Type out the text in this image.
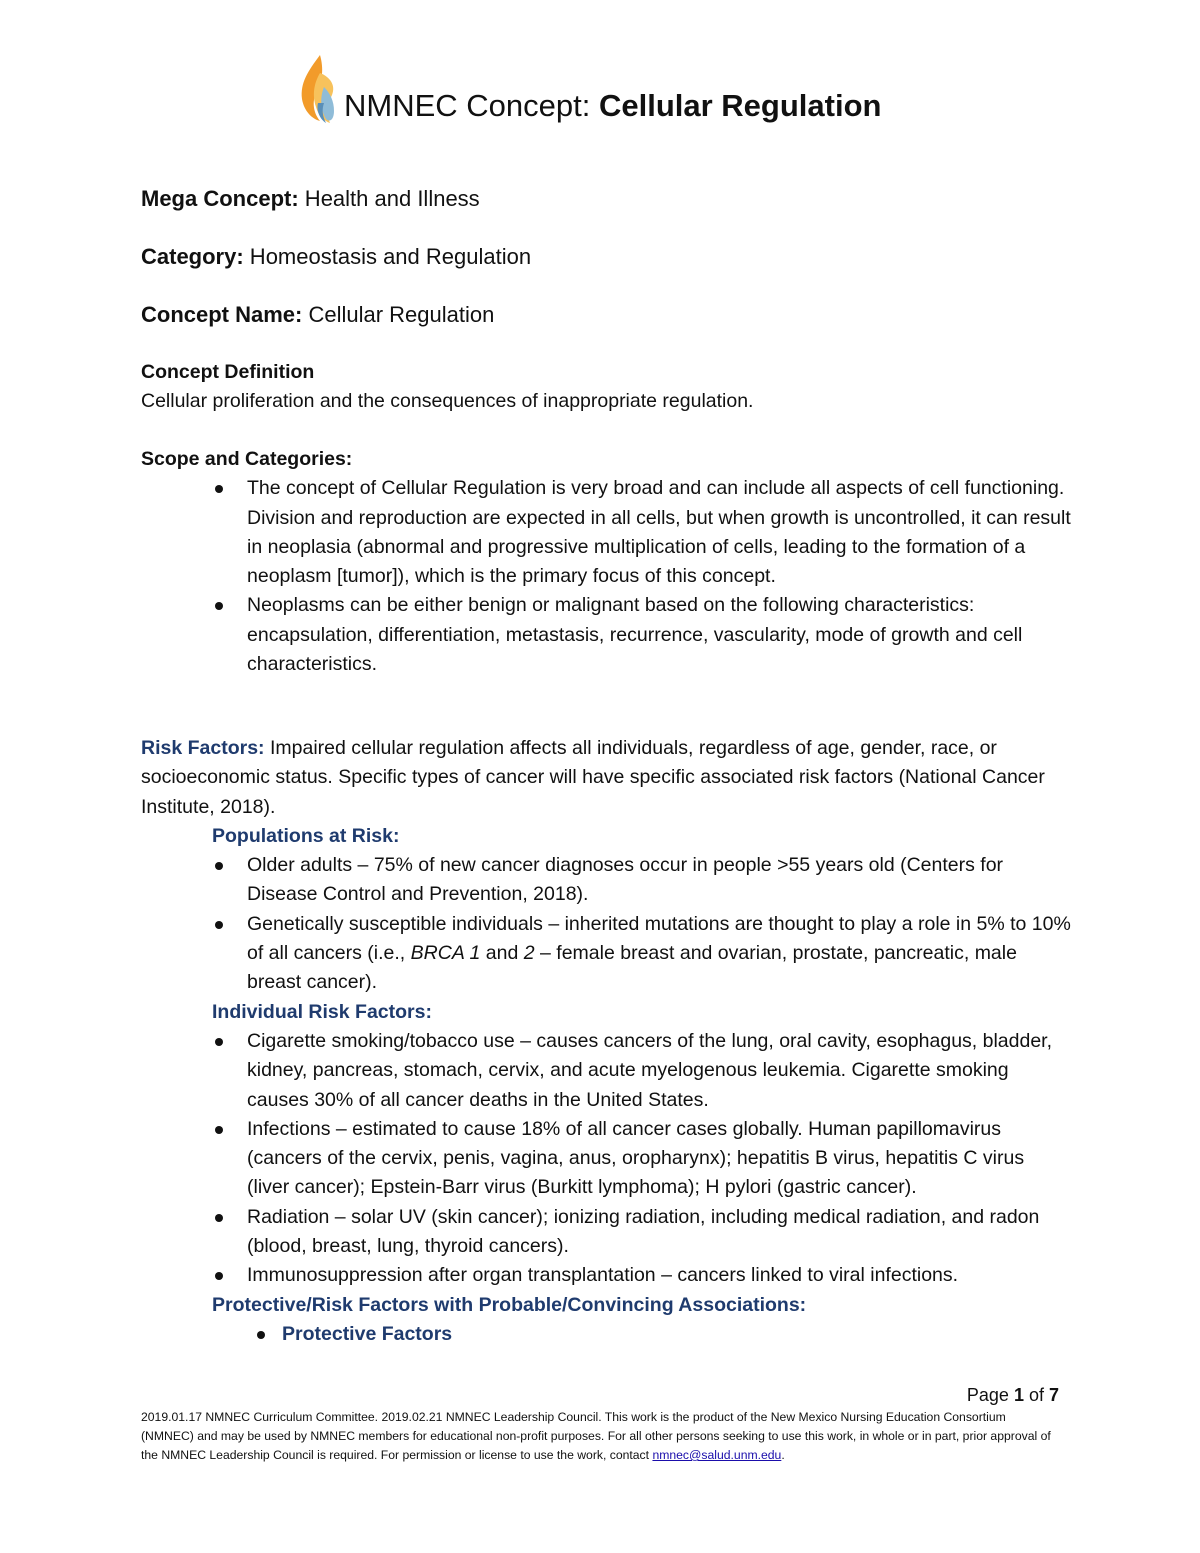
NMNEC Concept: Cellular Regulation
Mega Concept: Health and Illness
Category: Homeostasis and Regulation
Concept Name: Cellular Regulation
Concept Definition
Cellular proliferation and the consequences of inappropriate regulation.
Scope and Categories:
The concept of Cellular Regulation is very broad and can include all aspects of cell functioning. Division and reproduction are expected in all cells, but when growth is uncontrolled, it can result in neoplasia (abnormal and progressive multiplication of cells, leading to the formation of a neoplasm [tumor]), which is the primary focus of this concept.
Neoplasms can be either benign or malignant based on the following characteristics: encapsulation, differentiation, metastasis, recurrence, vascularity, mode of growth and cell characteristics.
Risk Factors: Impaired cellular regulation affects all individuals, regardless of age, gender, race, or socioeconomic status. Specific types of cancer will have specific associated risk factors (National Cancer Institute, 2018).
Populations at Risk:
Older adults – 75% of new cancer diagnoses occur in people >55 years old (Centers for Disease Control and Prevention, 2018).
Genetically susceptible individuals – inherited mutations are thought to play a role in 5% to 10% of all cancers (i.e., BRCA 1 and 2 – female breast and ovarian, prostate, pancreatic, male breast cancer).
Individual Risk Factors:
Cigarette smoking/tobacco use – causes cancers of the lung, oral cavity, esophagus, bladder, kidney, pancreas, stomach, cervix, and acute myelogenous leukemia. Cigarette smoking causes 30% of all cancer deaths in the United States.
Infections – estimated to cause 18% of all cancer cases globally. Human papillomavirus (cancers of the cervix, penis, vagina, anus, oropharynx); hepatitis B virus, hepatitis C virus (liver cancer); Epstein-Barr virus (Burkitt lymphoma); H pylori (gastric cancer).
Radiation – solar UV (skin cancer); ionizing radiation, including medical radiation, and radon (blood, breast, lung, thyroid cancers).
Immunosuppression after organ transplantation – cancers linked to viral infections.
Protective/Risk Factors with Probable/Convincing Associations:
Protective Factors
Page 1 of 7
2019.01.17 NMNEC Curriculum Committee. 2019.02.21 NMNEC Leadership Council. This work is the product of the New Mexico Nursing Education Consortium (NMNEC) and may be used by NMNEC members for educational non-profit purposes. For all other persons seeking to use this work, in whole or in part, prior approval of the NMNEC Leadership Council is required. For permission or license to use the work, contact nmnec@salud.unm.edu.
